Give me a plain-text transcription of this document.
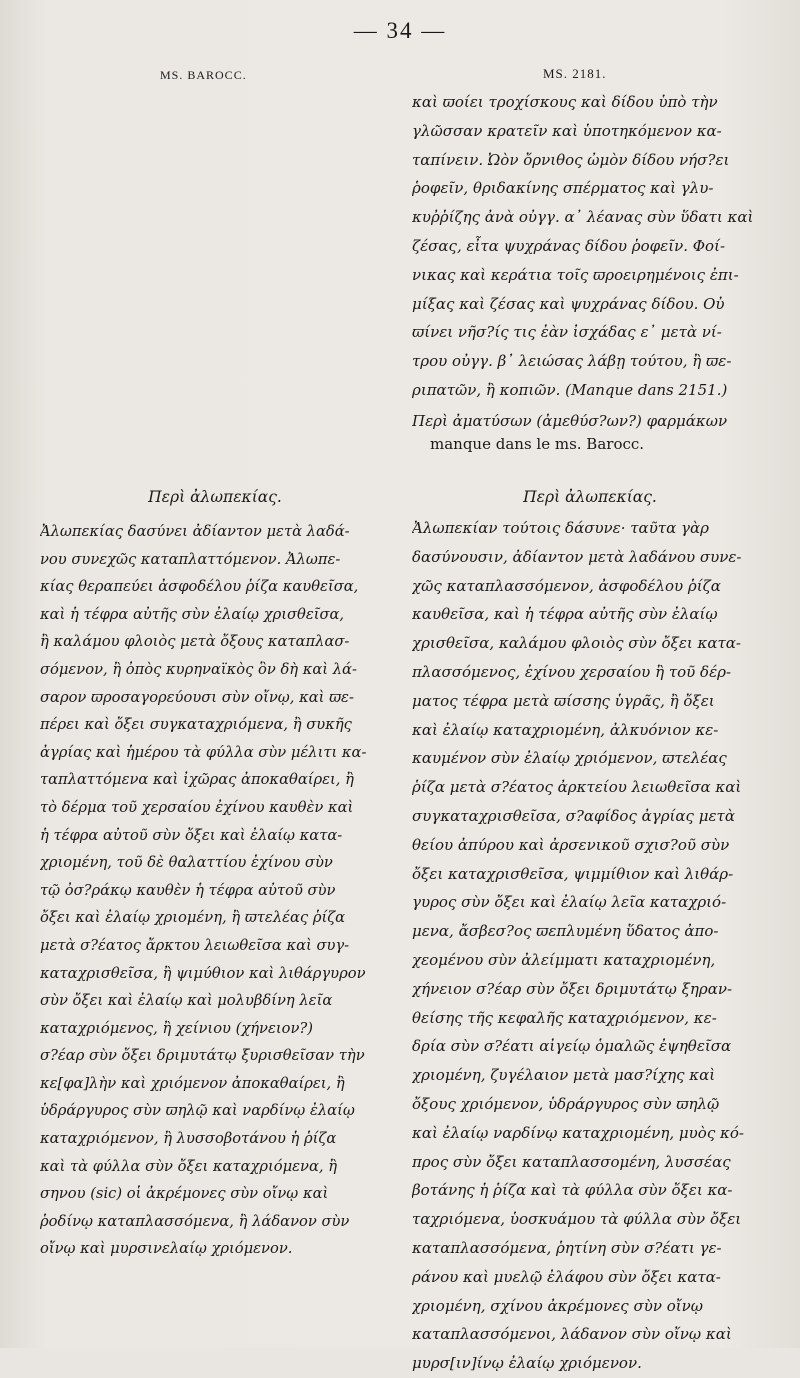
— 34 —
MS. BAROCC.	MS. 2181.
καὶ ϖοίει τροχίσκους καὶ δίδου ὑπὸ τὴν
γλῶσσαν κρατεῖν καὶ ὑποτηκόμενον κα-
ταπίνειν. Ὠὸν ὄρνιθος ὠμὸν δίδου νήσ?ει
ῥοφεῖν, θριδακίνης σπέρματος καὶ γλυ-
κυῤῥίζης ἀνὰ οὐγγ. α᾽ λέανας σὺν ὕδατι καὶ
ζέσας, εἶτα ψυχράνας δίδου ῥοφεῖν. Φοί-
νικας καὶ κεράτια τοῖς ϖροειρημένοις ἐπι-
μίξας καὶ ζέσας καὶ ψυχράνας δίδου. Οὐ
ϖίνει νῆσ?ίς τις ἐὰν ἰσχάδας ε᾽ μετὰ νί-
τρου οὐγγ. β᾽ λειώσας λάβῃ τούτου, ἢ ϖε-
ριπατῶν, ἢ κοπιῶν. (Manque dans 2151.)
Περὶ ἀματύσων (ἀμεθύσ?ων?) φαρμάκων
manque dans le ms. Barocc.
Περὶ ἀλωπεκίας.	Περὶ ἀλωπεκίας.
Ἀλωπεκίας δασύνει ἀδίαντον μετὰ λαδά-
νου συνεχῶς καταπλαττόμενον. Ἀλωπε-
κίας θεραπεύει ἀσφοδέλου ῥίζα καυθεῖσα,
καὶ ἡ τέφρα αὐτῆς σὺν ἐλαίῳ χρισθεῖσα,
ἢ καλάμου φλοιὸς μετὰ ὄξους καταπλασ-
σόμενον, ἢ ὀπὸς κυρηναϊκὸς ὃν δὴ καὶ λά-
σαρον ϖροσαγορεύουσι σὺν οἴνῳ, καὶ ϖε-
πέρει καὶ ὄξει συγκαταχριόμενα, ἢ συκῆς
ἀγρίας καὶ ἡμέρου τὰ φύλλα σὺν μέλιτι κα-
ταπλαττόμενα καὶ ἰχῶρας ἀποκαθαίρει, ἢ
τὸ δέρμα τοῦ χερσαίου ἐχίνου καυθὲν καὶ
ἡ τέφρα αὐτοῦ σὺν ὄξει καὶ ἐλαίῳ κατα-
χριομένη, τοῦ δὲ θαλαττίου ἐχίνου σὺν
τῷ ὀσ?ράκῳ καυθὲν ἡ τέφρα αὐτοῦ σὺν
ὄξει καὶ ἐλαίῳ χριομένη, ἢ ϖτελέας ῥίζα
μετὰ σ?έατος ἄρκτου λειωθεῖσα καὶ συγ-
καταχρισθεῖσα, ἢ ψιμύθιον καὶ λιθάργυρον
σὺν ὄξει καὶ ἐλαίῳ καὶ μολυβδίνη λεῖα
καταχριόμενος, ἢ χείνιου (χήνειον?)
σ?έαρ σὺν ὄξει δριμυτάτῳ ξυρισθεῖσαν τὴν
κε[φα]λὴν καὶ χριόμενον ἀποκαθαίρει, ἢ
ὑδράργυρος σὺν ϖηλῷ καὶ ναρδίνῳ ἐλαίῳ
καταχριόμενον, ἢ λυσσοβοτάνου ἡ ῥίζα
καὶ τὰ φύλλα σὺν ὄξει καταχριόμενα, ἢ
σηνου (sic) οἱ ἀκρέμονες σὺν οἴνῳ καὶ
ῥοδίνῳ καταπλασσόμενα, ἢ λάδανον σὺν
οἴνῳ καὶ μυρσινελαίῳ χριόμενον.
Ἀλωπεκίαν τούτοις δάσυνε· ταῦτα γὰρ
δασύνουσιν, ἀδίαντον μετὰ λαδάνου συνε-
χῶς καταπλασσόμενον, ἀσφοδέλου ῥίζα
καυθεῖσα, καὶ ἡ τέφρα αὐτῆς σὺν ἐλαίῳ
χρισθεῖσα, καλάμου φλοιὸς σὺν ὄξει κατα-
πλασσόμενος, ἐχίνου χερσαίου ἢ τοῦ δέρ-
ματος τέφρα μετὰ ϖίσσης ὑγρᾶς, ἢ ὄξει
καὶ ἐλαίῳ καταχριομένη, ἀλκυόνιον κε-
καυμένον σὺν ἐλαίῳ χριόμενον, ϖτελέας
ῥίζα μετὰ σ?έατος ἀρκτείου λειωθεῖσα καὶ
συγκαταχρισθεῖσα, σ?αφίδος ἀγρίας μετὰ
θείου ἀπύρου καὶ ἀρσενικοῦ σχισ?οῦ σὺν
ὄξει καταχρισθεῖσα, ψιμμίθιον καὶ λιθάρ-
γυρος σὺν ὄξει καὶ ἐλαίῳ λεῖα καταχριό-
μενα, ἄσβεσ?ος ϖεπλυμένη ὕδατος ἀπο-
χεομένου σὺν ἀλείμματι καταχριομένη,
χήνειον σ?έαρ σὺν ὄξει δριμυτάτῳ ξηραν-
θείσης τῆς κεφαλῆς καταχριόμενον, κε-
δρία σὺν σ?έατι αἰγείῳ ὁμαλῶς ἐψηθεῖσα
χριομένη, ζυγέλαιον μετὰ μασ?ίχης καὶ
ὄξους χριόμενον, ὑδράργυρος σὺν ϖηλῷ
καὶ ἐλαίῳ ναρδίνῳ καταχριομένη, μυὸς κό-
προς σὺν ὄξει καταπλασσομένη, λυσσέας
βοτάνης ἡ ῥίζα καὶ τὰ φύλλα σὺν ὄξει κα-
ταχριόμενα, ὑοσκυάμου τὰ φύλλα σὺν ὄξει
καταπλασσόμενα, ῥητίνη σὺν σ?έατι γε-
ράνου καὶ μυελῷ ἐλάφου σὺν ὄξει κατα-
χριομένη, σχίνου ἀκρέμονες σὺν οἴνῳ
καταπλασσόμενοι, λάδανον σὺν οἴνῳ καὶ
μυρσ[ιν]ίνῳ ἐλαίῳ χριόμενον.
